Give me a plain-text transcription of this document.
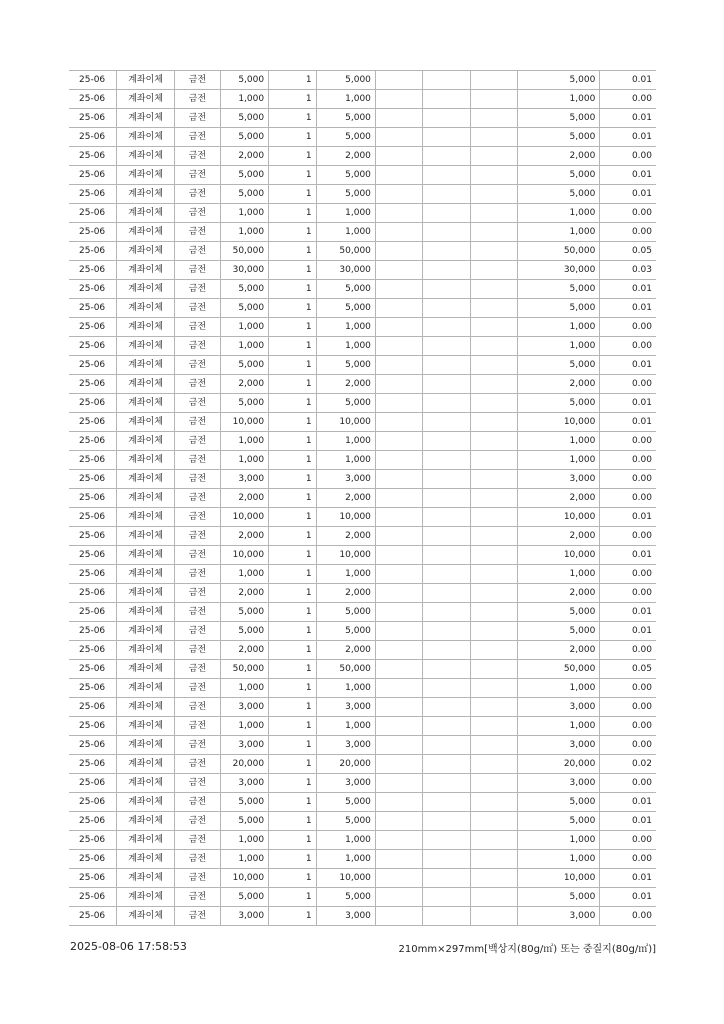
25-06	계좌이체	금전	5,000	1	5,000				5,000	0.01
25-06	계좌이체	금전	1,000	1	1,000				1,000	0.00
25-06	계좌이체	금전	5,000	1	5,000				5,000	0.01
25-06	계좌이체	금전	5,000	1	5,000				5,000	0.01
25-06	계좌이체	금전	2,000	1	2,000				2,000	0.00
25-06	계좌이체	금전	5,000	1	5,000				5,000	0.01
25-06	계좌이체	금전	5,000	1	5,000				5,000	0.01
25-06	계좌이체	금전	1,000	1	1,000				1,000	0.00
25-06	계좌이체	금전	1,000	1	1,000				1,000	0.00
25-06	계좌이체	금전	50,000	1	50,000				50,000	0.05
25-06	계좌이체	금전	30,000	1	30,000				30,000	0.03
25-06	계좌이체	금전	5,000	1	5,000				5,000	0.01
25-06	계좌이체	금전	5,000	1	5,000				5,000	0.01
25-06	계좌이체	금전	1,000	1	1,000				1,000	0.00
25-06	계좌이체	금전	1,000	1	1,000				1,000	0.00
25-06	계좌이체	금전	5,000	1	5,000				5,000	0.01
25-06	계좌이체	금전	2,000	1	2,000				2,000	0.00
25-06	계좌이체	금전	5,000	1	5,000				5,000	0.01
25-06	계좌이체	금전	10,000	1	10,000				10,000	0.01
25-06	계좌이체	금전	1,000	1	1,000				1,000	0.00
25-06	계좌이체	금전	1,000	1	1,000				1,000	0.00
25-06	계좌이체	금전	3,000	1	3,000				3,000	0.00
25-06	계좌이체	금전	2,000	1	2,000				2,000	0.00
25-06	계좌이체	금전	10,000	1	10,000				10,000	0.01
25-06	계좌이체	금전	2,000	1	2,000				2,000	0.00
25-06	계좌이체	금전	10,000	1	10,000				10,000	0.01
25-06	계좌이체	금전	1,000	1	1,000				1,000	0.00
25-06	계좌이체	금전	2,000	1	2,000				2,000	0.00
25-06	계좌이체	금전	5,000	1	5,000				5,000	0.01
25-06	계좌이체	금전	5,000	1	5,000				5,000	0.01
25-06	계좌이체	금전	2,000	1	2,000				2,000	0.00
25-06	계좌이체	금전	50,000	1	50,000				50,000	0.05
25-06	계좌이체	금전	1,000	1	1,000				1,000	0.00
25-06	계좌이체	금전	3,000	1	3,000				3,000	0.00
25-06	계좌이체	금전	1,000	1	1,000				1,000	0.00
25-06	계좌이체	금전	3,000	1	3,000				3,000	0.00
25-06	계좌이체	금전	20,000	1	20,000				20,000	0.02
25-06	계좌이체	금전	3,000	1	3,000				3,000	0.00
25-06	계좌이체	금전	5,000	1	5,000				5,000	0.01
25-06	계좌이체	금전	5,000	1	5,000				5,000	0.01
25-06	계좌이체	금전	1,000	1	1,000				1,000	0.00
25-06	계좌이체	금전	1,000	1	1,000				1,000	0.00
25-06	계좌이체	금전	10,000	1	10,000				10,000	0.01
25-06	계좌이체	금전	5,000	1	5,000				5,000	0.01
25-06	계좌이체	금전	3,000	1	3,000				3,000	0.00
2025-08-06 17:58:53	210mm×297mm[백상지(80g/㎡) 또는 중질지(80g/㎡)]
